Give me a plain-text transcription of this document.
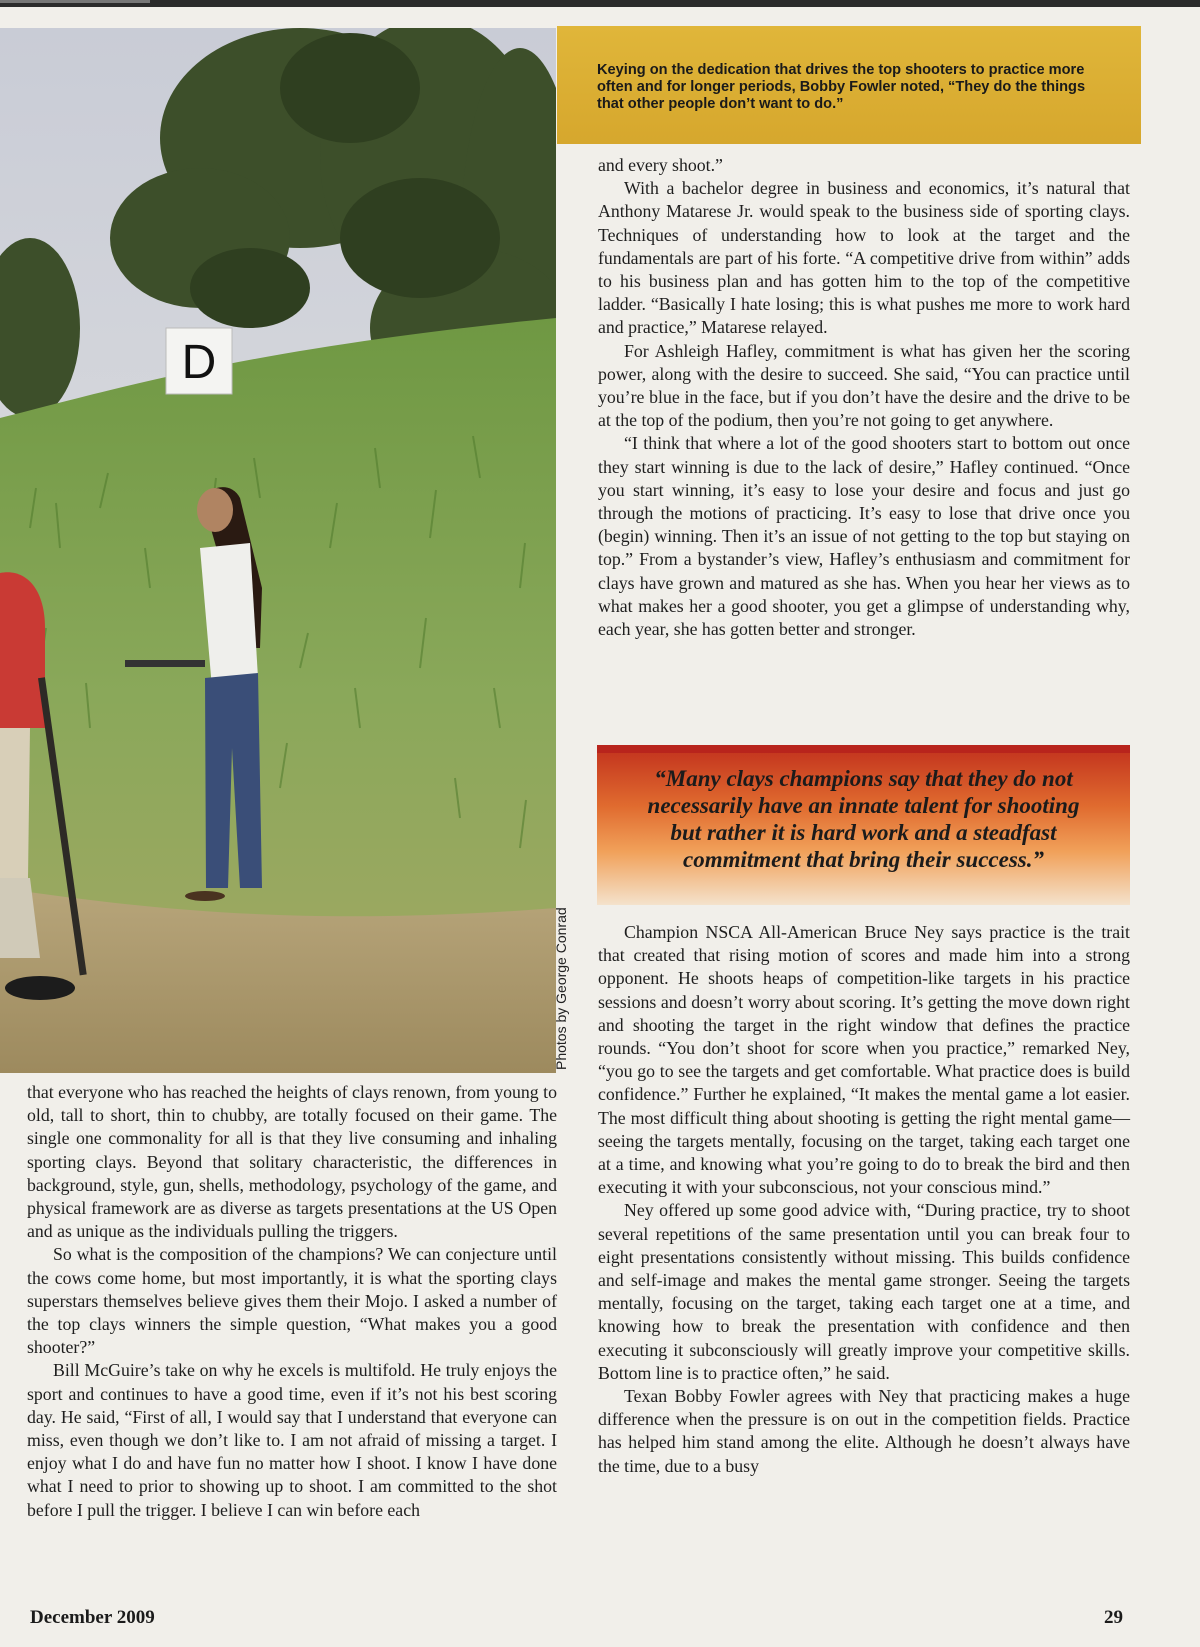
D
Photos by George Conrad
Keying on the dedication that drives the top shooters to practice more often and for longer periods, Bobby Fowler noted, “They do the things that other people don’t want to do.”

and every shoot.”

With a bachelor degree in business and economics, it’s natural that Anthony Matarese Jr. would speak to the business side of sporting clays. Techniques of understanding how to look at the target and the fundamentals are part of his forte. “A competitive drive from within” adds to his business plan and has gotten him to the top of the competitive ladder. “Basically I hate losing; this is what pushes me more to work hard and practice,” Matarese relayed.

For Ashleigh Hafley, commitment is what has given her the scoring power, along with the desire to succeed. She said, “You can practice until you’re blue in the face, but if you don’t have the desire and the drive to be at the top of the podium, then you’re not going to get anywhere.

“I think that where a lot of the good shooters start to bottom out once they start winning is due to the lack of desire,” Hafley continued. “Once you start winning, it’s easy to lose your desire and focus and just go through the motions of practicing. It’s easy to lose that drive once you (begin) winning. Then it’s an issue of not getting to the top but staying on top.” From a bystander’s view, Hafley’s enthusiasm and commitment for clays have grown and matured as she has. When you hear her views as to what makes her a good shooter, you get a glimpse of understanding why, each year, she has gotten better and stronger.

“Many clays champions say that they do not necessarily have an innate talent for shooting but rather it is hard work and a steadfast commitment that bring their success.”

Champion NSCA All-American Bruce Ney says practice is the trait that created that rising motion of scores and made him into a strong opponent. He shoots heaps of competition-like targets in his practice sessions and doesn’t worry about scoring. It’s getting the move down right and shooting the target in the right window that defines the practice rounds. “You don’t shoot for score when you practice,” remarked Ney, “you go to see the targets and get comfortable. What practice does is build confidence.” Further he explained, “It makes the mental game a lot easier. The most difficult thing about shooting is getting the right mental game—seeing the targets mentally, focusing on the target, taking each target one at a time, and knowing what you’re going to do to break the bird and then executing it with your subconscious, not your conscious mind.”

Ney offered up some good advice with, “During practice, try to shoot several repetitions of the same presentation until you can break four to eight presentations consistently without missing. This builds confidence and self-image and makes the mental game stronger. Seeing the targets mentally, focusing on the target, taking each target one at a time, and knowing how to break the presentation with confidence and then executing it subconsciously will greatly improve your competitive skills. Bottom line is to practice often,” he said.

Texan Bobby Fowler agrees with Ney that practicing makes a huge difference when the pressure is on out in the competition fields. Practice has helped him stand among the elite. Although he doesn’t always have the time, due to a busy

that everyone who has reached the heights of clays renown, from young to old, tall to short, thin to chubby, are totally focused on their game. The single one commonality for all is that they live consuming and inhaling sporting clays. Beyond that solitary characteristic, the differences in background, style, gun, shells, methodology, psychology of the game, and physical framework are as diverse as targets presentations at the US Open and as unique as the individuals pulling the triggers.

So what is the composition of the champions? We can conjecture until the cows come home, but most importantly, it is what the sporting clays superstars themselves believe gives them their Mojo. I asked a number of the top clays winners the simple question, “What makes you a good shooter?”

Bill McGuire’s take on why he excels is multifold. He truly enjoys the sport and continues to have a good time, even if it’s not his best scoring day. He said, “First of all, I would say that I understand that everyone can miss, even though we don’t like to. I am not afraid of missing a target. I enjoy what I do and have fun no matter how I shoot. I know I have done what I need to prior to showing up to shoot. I am committed to the shot before I pull the trigger. I believe I can win before each

December 2009	29
